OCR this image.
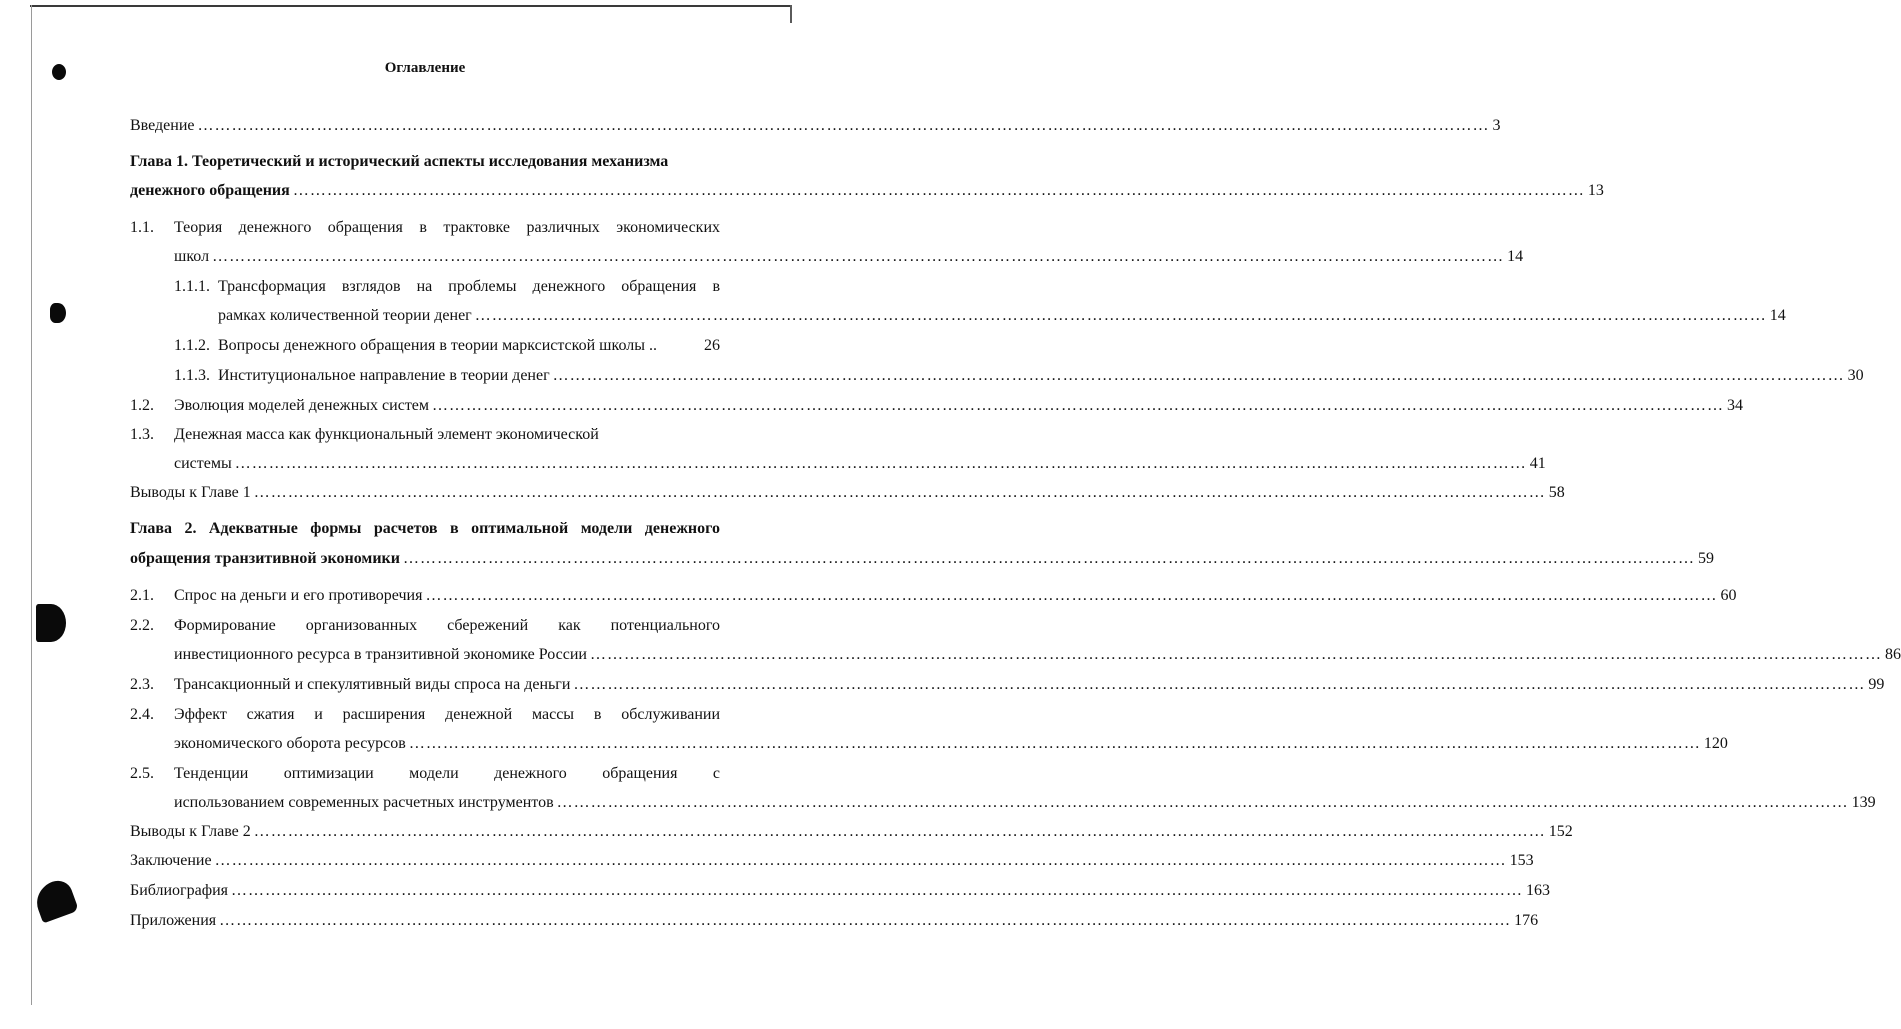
Оглавление
Введение ………………………………………………………………………………………………………………………………………………………………………………………………………… 3
Глава 1. Теоретический и исторический аспекты исследования механизма
денежного обращения ………………………………………………………………………………………………………………………………………………………………………………………………………… 13
1.1. Теория денежного обращения в трактовке различных экономических
школ ………………………………………………………………………………………………………………………………………………………………………………………………………… 14
1.1.1. Трансформация взглядов на проблемы денежного обращения в
рамках количественной теории денег ………………………………………………………………………………………………………………………………………………………………………………………………………… 14
1.1.2. Вопросы денежного обращения в теории марксистской школы ..	26
1.1.3. Институциональное направление в теории денег ………………………………………………………………………………………………………………………………………………………………………………………………………… 30
1.2. Эволюция моделей денежных систем ………………………………………………………………………………………………………………………………………………………………………………………………………… 34
1.3. Денежная масса как функциональный элемент экономической
системы ………………………………………………………………………………………………………………………………………………………………………………………………………… 41
Выводы к Главе 1 ………………………………………………………………………………………………………………………………………………………………………………………………………… 58
Глава 2. Адекватные формы расчетов в оптимальной модели денежного
обращения транзитивной экономики ………………………………………………………………………………………………………………………………………………………………………………………………………… 59
2.1. Спрос на деньги и его противоречия ………………………………………………………………………………………………………………………………………………………………………………………………………… 60
2.2. Формирование организованных сбережений как потенциального
инвестиционного ресурса в транзитивной экономике России ………………………………………………………………………………………………………………………………………………………………………………………………………… 86
2.3. Трансакционный и спекулятивный виды спроса на деньги ………………………………………………………………………………………………………………………………………………………………………………………………………… 99
2.4. Эффект сжатия и расширения денежной массы в обслуживании
экономического оборота ресурсов ………………………………………………………………………………………………………………………………………………………………………………………………………… 120
2.5. Тенденции оптимизации модели денежного обращения с
использованием современных расчетных инструментов ………………………………………………………………………………………………………………………………………………………………………………………………………… 139
Выводы к Главе 2 ………………………………………………………………………………………………………………………………………………………………………………………………………… 152
Заключение ………………………………………………………………………………………………………………………………………………………………………………………………………… 153
Библиография ………………………………………………………………………………………………………………………………………………………………………………………………………… 163
Приложения ………………………………………………………………………………………………………………………………………………………………………………………………………… 176
